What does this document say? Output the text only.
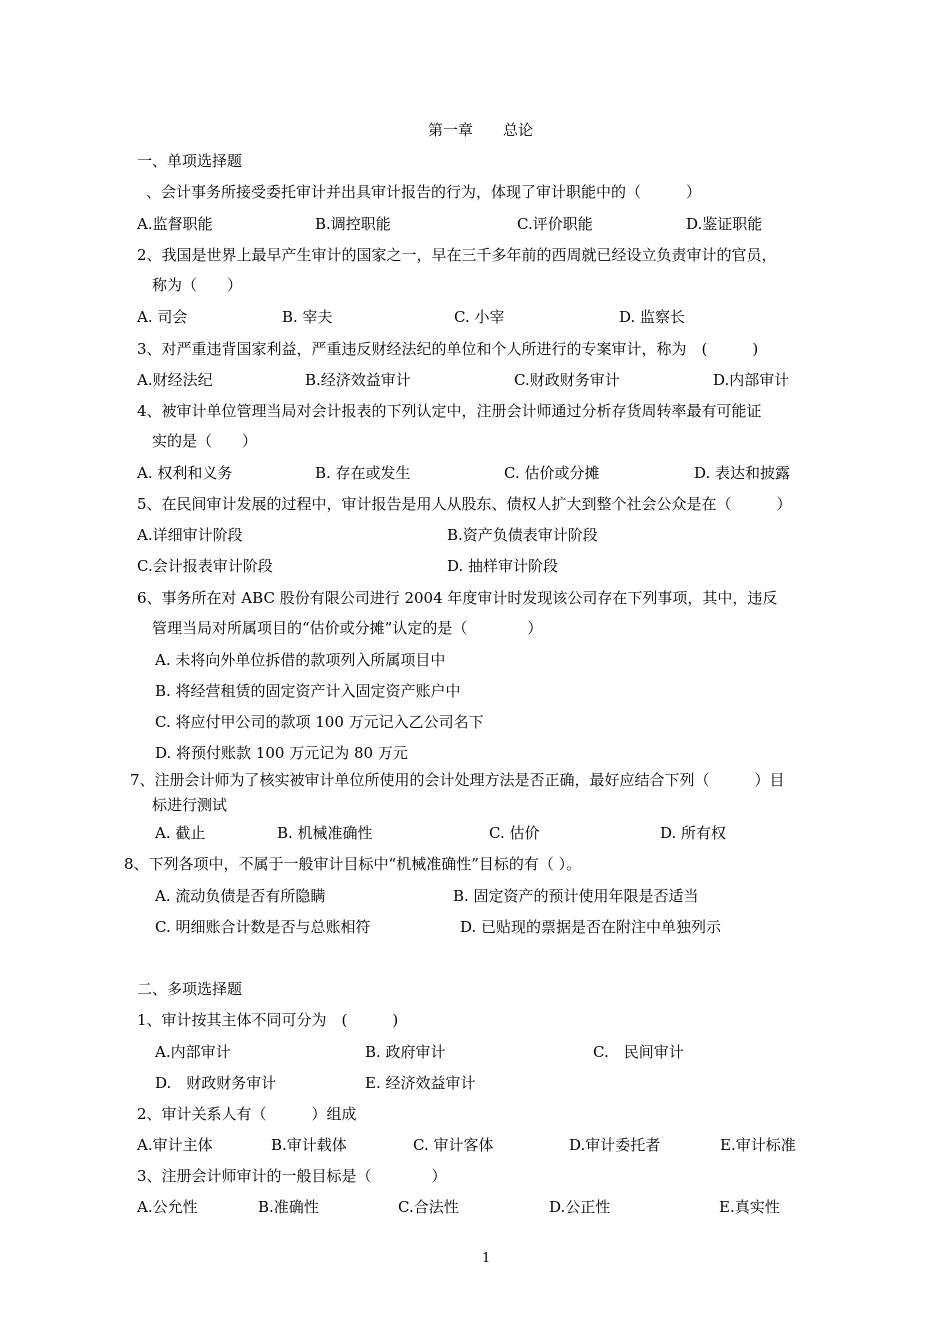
第一章　　总论
一、单项选择题
、会计事务所接受委托审计并出具审计报告的行为，体现了审计职能中的（　　　）
A.监督职能	B.调控职能	C.评价职能	D.鉴证职能
2、我国是世界上最早产生审计的国家之一，早在三千多年前的西周就已经设立负责审计的官员，
称为（　　）
A. 司会	B. 宰夫	C. 小宰	D. 监察长
3、对严重违背国家利益，严重违反财经法纪的单位和个人所进行的专案审计，称为　(　　　)
A.财经法纪	B.经济效益审计	C.财政财务审计	D.内部审计
4、被审计单位管理当局对会计报表的下列认定中，注册会计师通过分析存货周转率最有可能证
实的是（　　）
A. 权利和义务	B. 存在或发生	C. 估价或分摊	D. 表达和披露
5、在民间审计发展的过程中，审计报告是用人从股东、债权人扩大到整个社会公众是在（　　　）
A.详细审计阶段	B.资产负债表审计阶段
C.会计报表审计阶段	D. 抽样审计阶段
6、事务所在对 ABC 股份有限公司进行 2004 年度审计时发现该公司存在下列事项，其中，违反
管理当局对所属项目的“估价或分摊”认定的是（　　　　）
A. 未将向外单位拆借的款项列入所属项目中
B. 将经营租赁的固定资产计入固定资产账户中
C. 将应付甲公司的款项 100 万元记入乙公司名下
D. 将预付账款 100 万元记为 80 万元
7、注册会计师为了核实被审计单位所使用的会计处理方法是否正确，最好应结合下列（　　　）目
标进行测试
A. 截止	B. 机械准确性	C. 估价	D. 所有权
8、下列各项中，不属于一般审计目标中“机械准确性”目标的有（ ）。
A. 流动负债是否有所隐瞒	B. 固定资产的预计使用年限是否适当
C. 明细账合计数是否与总账相符	D. 已贴现的票据是否在附注中单独列示
二、多项选择题
1、审计按其主体不同可分为　(　　　)
A.内部审计	B. 政府审计	C.　民间审计
D.　财政财务审计	E. 经济效益审计
2、审计关系人有（　　　）组成
A.审计主体	B.审计载体	C. 审计客体	D.审计委托者	E.审计标准
3、注册会计师审计的一般目标是（　　　　）
A.公允性	B.准确性	C.合法性	D.公正性	E.真实性
1
